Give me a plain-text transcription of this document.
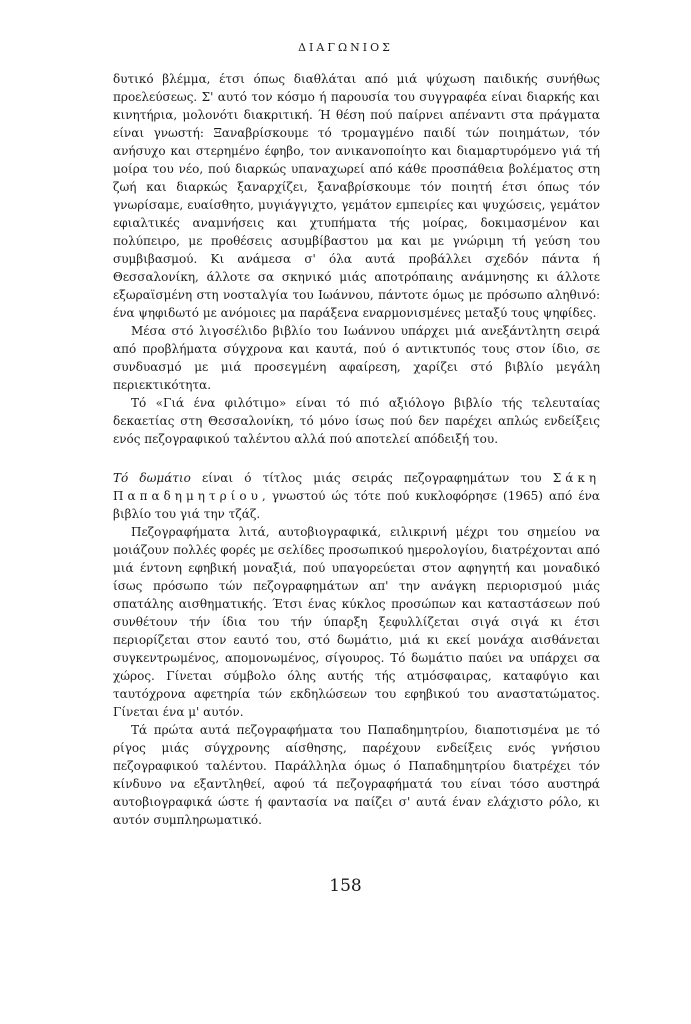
ΔΙΑΓΩΝΙΟΣ

δυτικό βλέμμα, έτσι όπως διαθλάται από μιά ψύχωση παιδικής συνήθως προελεύσεως. Σ' αυτό τον κόσμο ή παρουσία του συγγραφέα είναι διαρκής και κινητήρια, μολονότι διακριτική. Ή θέση πού παίρνει απέναντι στα πράγματα είναι γνωστή: Ξαναβρίσκουμε τό τρομαγμένο παιδί τών ποιημάτων, τόν ανήσυχο και στερημένο έφηβο, τον ανικανοποίητο και διαμαρτυρόμενο γιά τή μοίρα του νέο, πού διαρκώς υπαναχωρεί από κάθε προσπάθεια βολέματος στη ζωή και διαρκώς ξαναρχίζει, ξαναβρίσκουμε τόν ποιητή έτσι όπως τόν γνωρίσαμε, ευαίσθητο, μυγιάγγιχτο, γεμάτον εμπειρίες και ψυχώσεις, γεμάτον εφιαλτικές αναμνήσεις και χτυπήματα τής μοίρας, δοκιμασμένον και πολύπειρο, με προθέσεις ασυμβίβαστου μα και με γνώριμη τή γεύση του συμβιβασμού. Κι ανάμεσα σ' όλα αυτά προβάλλει σχεδόν πάντα ή Θεσσαλονίκη, άλλοτε σα σκηνικό μιάς αποτρόπαιης ανάμνησης κι άλλοτε εξωραϊσμένη στη νοσταλγία του Ιωάννου, πάντοτε όμως με πρόσωπο αληθινό: ένα ψηφιδωτό με ανόμοιες μα παράξενα εναρμονισμένες μεταξύ τους ψηφίδες.

Μέσα στό λιγοσέλιδο βιβλίο του Ιωάννου υπάρχει μιά ανεξάντλητη σειρά από προβλήματα σύγχρονα και καυτά, πού ό αντικτυπός τους στον ίδιο, σε συνδυασμό με μιά προσεγμένη αφαίρεση, χαρίζει στό βιβλίο μεγάλη περιεκτικότητα.

Τό «Γιά ένα φιλότιμο» είναι τό πιό αξιόλογο βιβλίο τής τελευταίας δεκαετίας στη Θεσσαλονίκη, τό μόνο ίσως πού δεν παρέχει απλώς ενδείξεις ενός πεζογραφικού ταλέντου αλλά πού αποτελεί απόδειξή του.

Τό δωμάτιο είναι ό τίτλος μιάς σειράς πεζογραφημάτων του Σάκη Παπαδημητρίου, γνωστού ώς τότε πού κυκλοφόρησε (1965) από ένα βιβλίο του γιά την τζάζ.

Πεζογραφήματα λιτά, αυτοβιογραφικά, ειλικρινή μέχρι του σημείου να μοιάζουν πολλές φορές με σελίδες προσωπικού ημερολογίου, διατρέχονται από μιά έντονη εφηβική μοναξιά, πού υπαγορεύεται στον αφηγητή και μοναδικό ίσως πρόσωπο τών πεζογραφημάτων απ' την ανάγκη περιορισμού μιάς σπατάλης αισθηματικής. Έτσι ένας κύκλος προσώπων και καταστάσεων πού συνθέτουν τήν ίδια του τήν ύπαρξη ξεφυλλίζεται σιγά σιγά κι έτσι περιορίζεται στον εαυτό του, στό δωμάτιο, μιά κι εκεί μονάχα αισθάνεται συγκεντρωμένος, απομονωμένος, σίγουρος. Τό δωμάτιο παύει να υπάρχει σα χώρος. Γίνεται σύμβολο όλης αυτής τής ατμόσφαιρας, καταφύγιο και ταυτόχρονα αφετηρία τών εκδηλώσεων του εφηβικού του αναστατώματος. Γίνεται ένα μ' αυτόν.

Τά πρώτα αυτά πεζογραφήματα του Παπαδημητρίου, διαποτισμένα με τό ρίγος μιάς σύγχρονης αίσθησης, παρέχουν ενδείξεις ενός γνήσιου πεζογραφικού ταλέντου. Παράλληλα όμως ό Παπαδημητρίου διατρέχει τόν κίνδυνο να εξαντληθεί, αφού τά πεζογραφήματά του είναι τόσο αυστηρά αυτοβιογραφικά ώστε ή φαντασία να παίζει σ' αυτά έναν ελάχιστο ρόλο, κι αυτόν συμπληρωματικό.

158
